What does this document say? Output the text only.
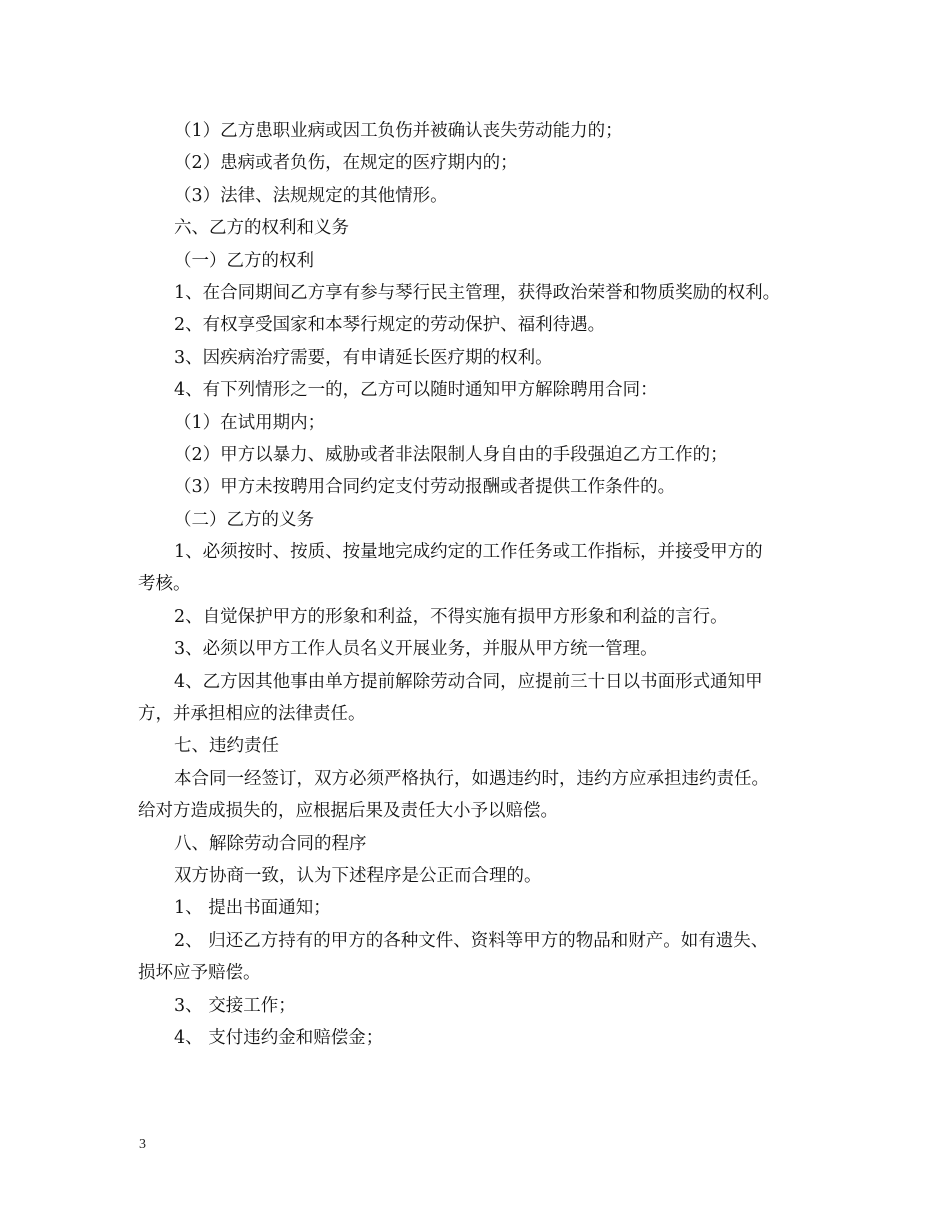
（1）乙方患职业病或因工负伤并被确认丧失劳动能力的；
（2）患病或者负伤，在规定的医疗期内的；
（3）法律、法规规定的其他情形。
六、乙方的权利和义务
（一）乙方的权利
1、在合同期间乙方享有参与琴行民主管理，获得政治荣誉和物质奖励的权利。
2、有权享受国家和本琴行规定的劳动保护、福利待遇。
3、因疾病治疗需要，有申请延长医疗期的权利。
4、有下列情形之一的，乙方可以随时通知甲方解除聘用合同：
（1）在试用期内；
（2）甲方以暴力、威胁或者非法限制人身自由的手段强迫乙方工作的；
（3）甲方未按聘用合同约定支付劳动报酬或者提供工作条件的。
（二）乙方的义务
1、必须按时、按质、按量地完成约定的工作任务或工作指标，并接受甲方的
考核。
2、自觉保护甲方的形象和利益，不得实施有损甲方形象和利益的言行。
3、必须以甲方工作人员名义开展业务，并服从甲方统一管理。
4、乙方因其他事由单方提前解除劳动合同，应提前三十日以书面形式通知甲
方，并承担相应的法律责任。
七、违约责任
本合同一经签订，双方必须严格执行，如遇违约时，违约方应承担违约责任。
给对方造成损失的，应根据后果及责任大小予以赔偿。
八、解除劳动合同的程序
双方协商一致，认为下述程序是公正而合理的。
1、 提出书面通知；
2、 归还乙方持有的甲方的各种文件、资料等甲方的物品和财产。如有遗失、
损坏应予赔偿。
3、 交接工作；
4、 支付违约金和赔偿金；
3
